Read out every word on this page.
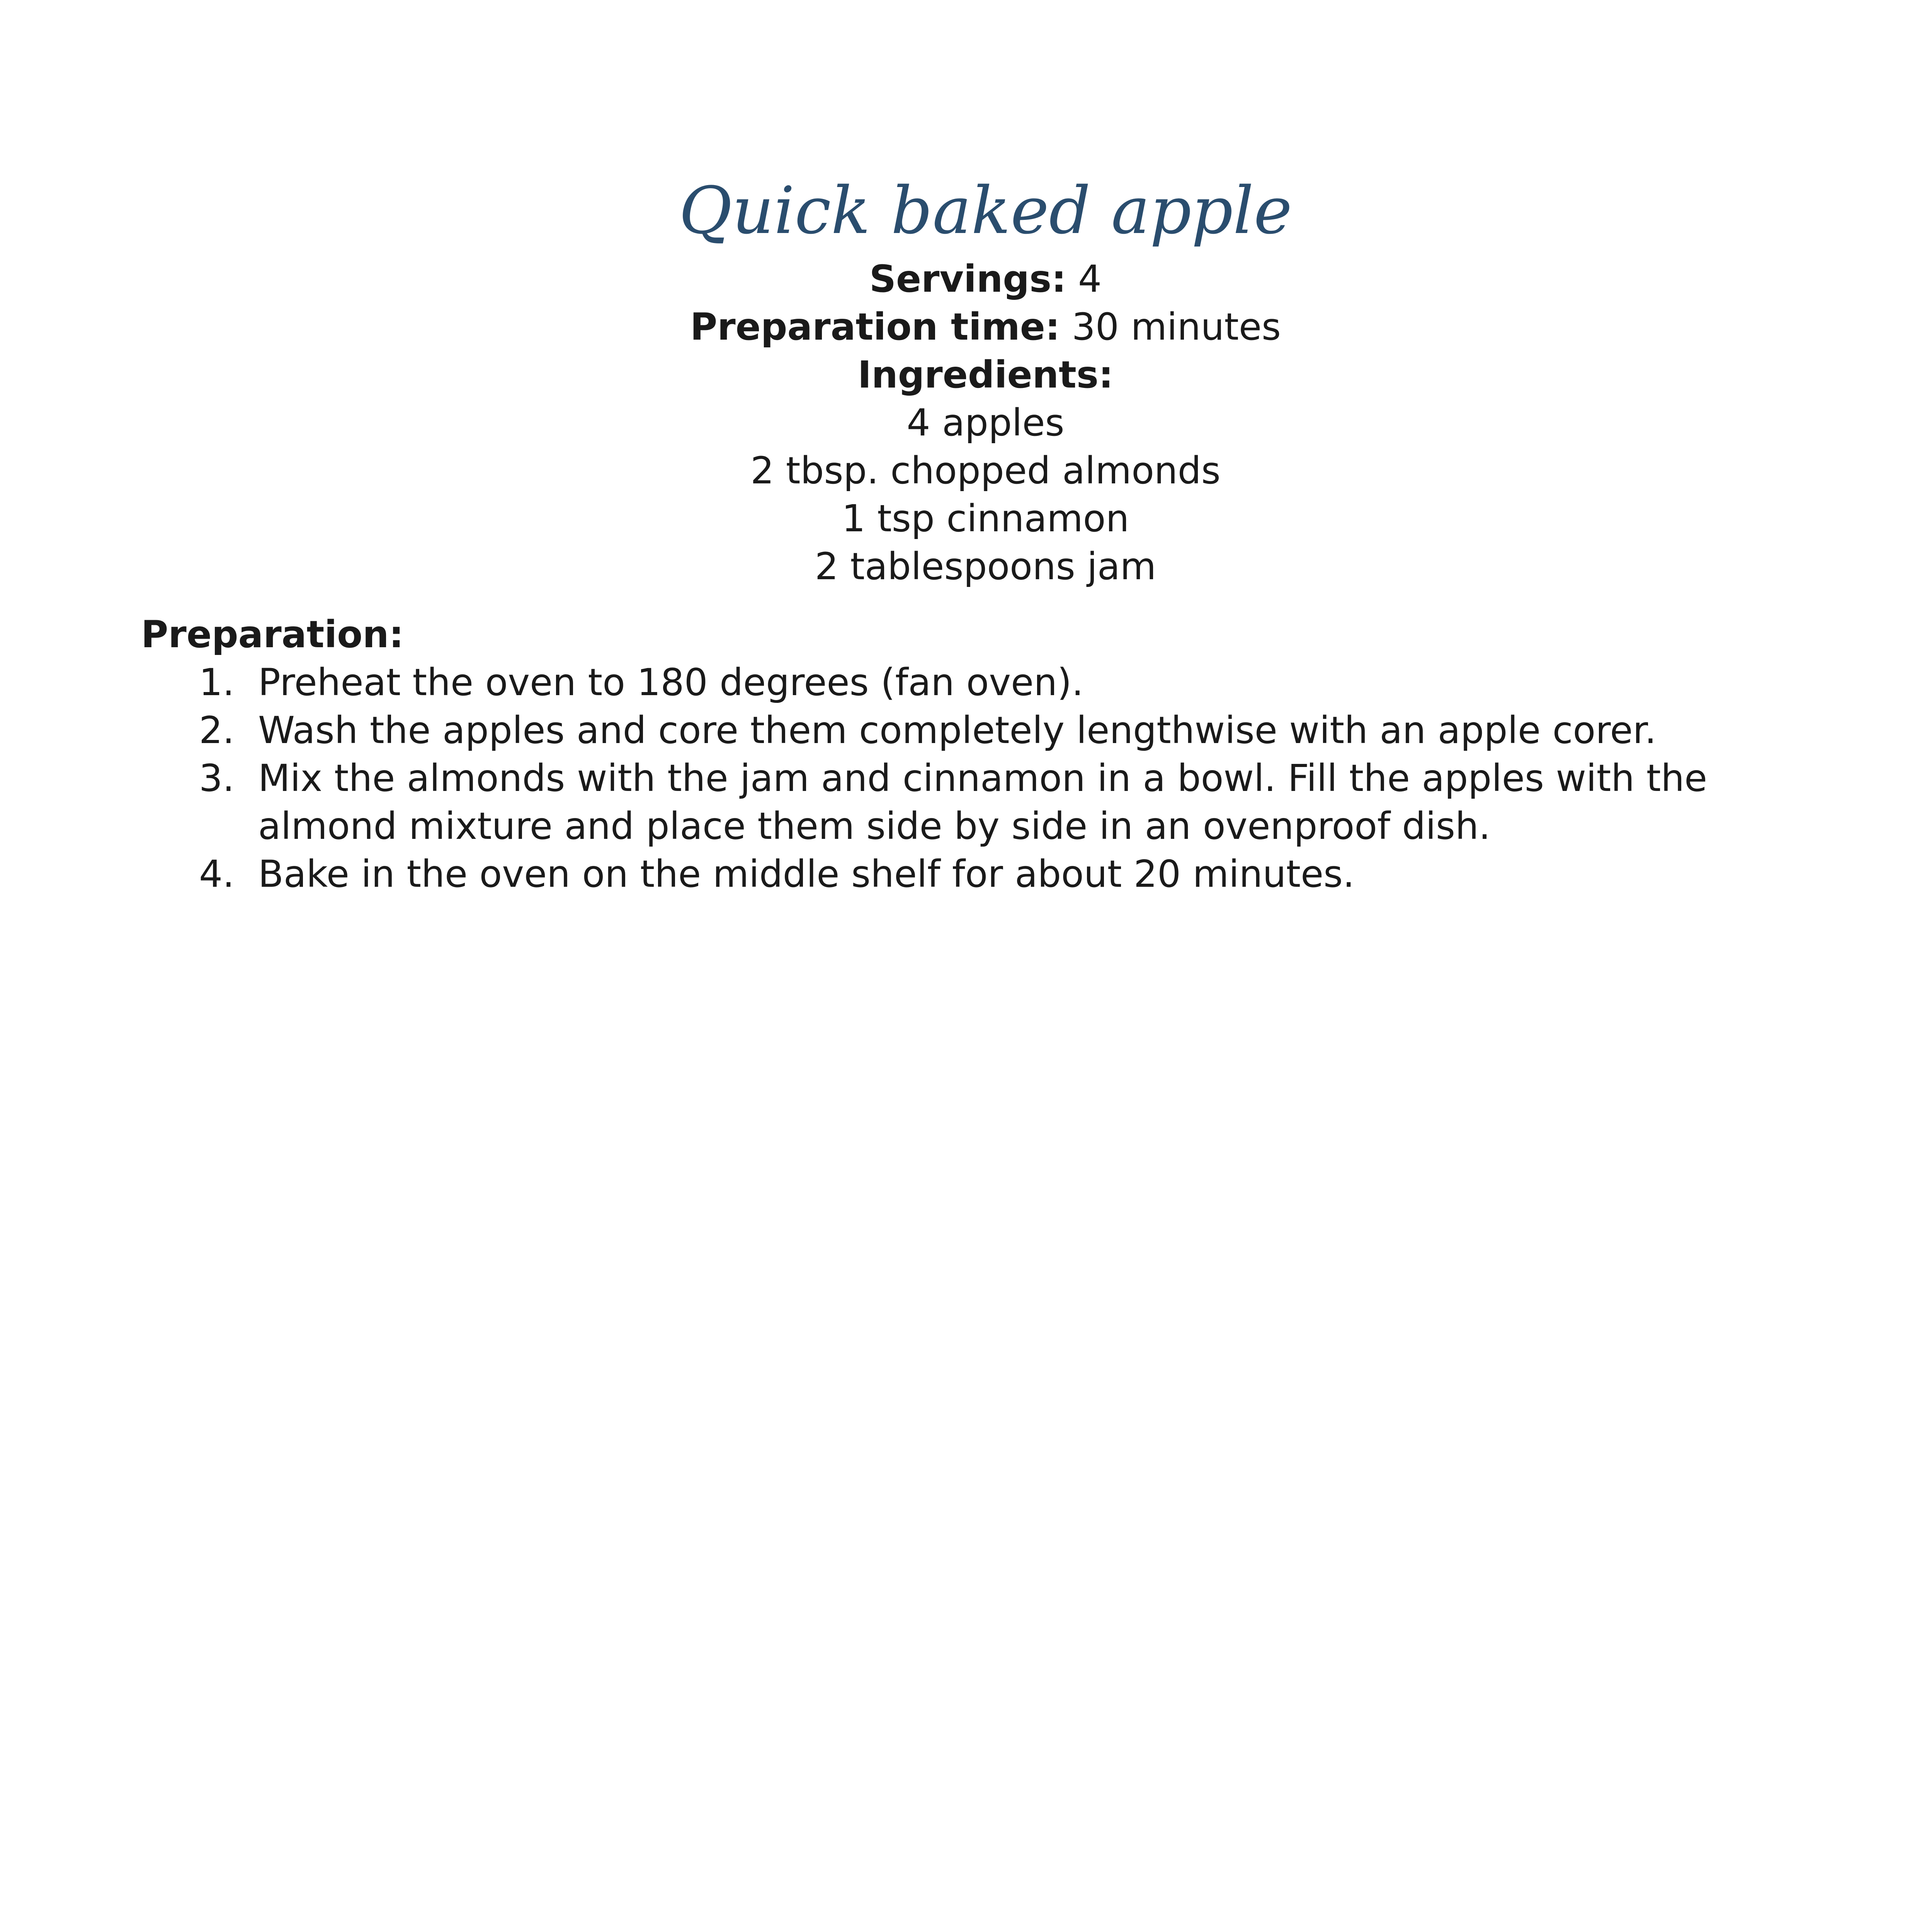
Quick baked apple

Servings: 4

Preparation time: 30 minutes

Ingredients:

4 apples
2 tbsp. chopped almonds
1 tsp cinnamon
2 tablespoons jam

Preparation:

1. Preheat the oven to 180 degrees (fan oven).
2. Wash the apples and core them completely lengthwise with an apple corer.
3. Mix the almonds with the jam and cinnamon in a bowl. Fill the apples with the almond mixture and place them side by side in an ovenproof dish.
4. Bake in the oven on the middle shelf for about 20 minutes.
